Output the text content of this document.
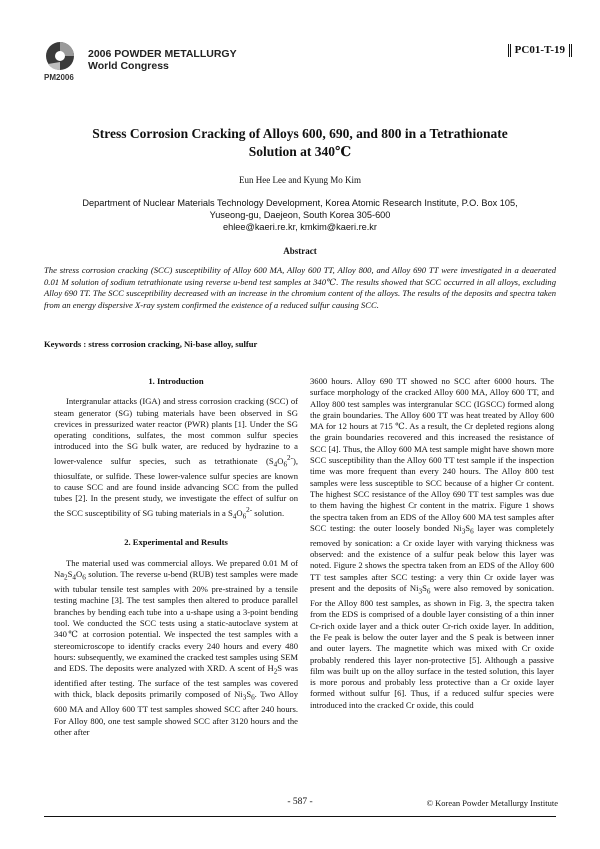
PM2006
2006 POWDER METALLURGY
World Congress
PC01-T-19
Stress Corrosion Cracking of Alloys 600, 690, and 800 in a Tetrathionate
Solution at 340℃
Eun Hee Lee and Kyung Mo Kim
Department of Nuclear Materials Technology Development, Korea Atomic Research Institute, P.O. Box 105,
Yuseong-gu, Daejeon, South Korea 305-600
ehlee@kaeri.re.kr, kmkim@kaeri.re.kr
Abstract
The stress corrosion cracking (SCC) susceptibility of Alloy 600 MA, Alloy 600 TT, Alloy 800, and Alloy 690 TT were investigated in a deaerated 0.01 M solution of sodium tetrathionate using reverse u-bend test samples at 340℃. The results showed that SCC occurred in all alloys, excluding Alloy 690 TT. The SCC susceptibility decreased with an increase in the chromium content of the alloys. The results of the deposits and spectra taken from an energy dispersive X-ray system confirmed the existence of a reduced sulfur causing SCC.
Keywords : stress corrosion cracking, Ni-base alloy, sulfur
1. Introduction

Intergranular attacks (IGA) and stress corrosion cracking (SCC) of steam generator (SG) tubing materials have been observed in SG crevices in pressurized water reactor (PWR) plants [1]. Under the SG operating conditions, sulfates, the most common sulfur species introduced into the SG bulk water, are reduced by hydrazine to a lower-valence sulfur species, such as tetrathionate $(S_4O_6^{2-})$, thiosulfate, or sulfide. These lower-valence sulfur species are known to cause SCC and are found inside advancing SCC from the pulled tubes [2]. In the present study, we investigate the effect of sulfur on the SCC susceptibility of SG tubing materials in a $S_4O_6^{2-}$ solution.

2. Experimental and Results

The material used was commercial alloys. We prepared 0.01 M of $Na_2S_4O_6$ solution. The reverse u-bend (RUB) test samples were made with tubular tensile test samples with 20% pre-strained by a tensile testing machine [3]. The test samples then altered to produce parallel branches by bending each tube into a u-shape using a 3-point bending tool. We conducted the SCC tests using a static-autoclave system at 340℃ at corrosion potential. We inspected the test samples with a stereomicroscope to identify cracks every 240 hours and every 480 hours: subsequently, we examined the cracked test samples using SEM and EDS. The deposits were analyzed with XRD. A scent of $H_2S$ was identified after testing. The surface of the test samples was covered with thick, black deposits primarily composed of $Ni_3S_6$. Two Alloy 600 MA and Alloy 600 TT test samples showed SCC after 240 hours. For Alloy 800, one test sample showed SCC after 3120 hours and the other after

3600 hours. Alloy 690 TT showed no SCC after 6000 hours. The surface morphology of the cracked Alloy 600 MA, Alloy 600 TT, and Alloy 800 test samples was intergranular SCC (IGSCC) formed along the grain boundaries. The Alloy 600 TT was heat treated by Alloy 600 MA for 12 hours at 715 ℃. As a result, the Cr depleted regions along the grain boundaries recovered and this increased the resistance of SCC [4]. Thus, the Alloy 600 MA test sample might have shown more SCC susceptibility than the Alloy 600 TT test sample if the inspection time was more frequent than every 240 hours. The Alloy 800 test samples were less susceptible to SCC because of a higher Cr content. The highest SCC resistance of the Alloy 690 TT test samples was due to them having the highest Cr content in the matrix. Figure 1 shows the spectra taken from an EDS of the Alloy 600 MA test samples after SCC testing: the outer loosely bonded $Ni_3S_6$ layer was completely removed by sonication: a Cr oxide layer with varying thickness was observed: and the existence of a sulfur peak below this layer was noted. Figure 2 shows the spectra taken from an EDS of the Alloy 600 TT test samples after SCC testing: a very thin Cr oxide layer was present and the deposits of $Ni_3S_6$ were also removed by sonication. For the Alloy 800 test samples, as shown in Fig. 3, the spectra taken from the EDS is comprised of a double layer consisting of a thin inner Cr-rich oxide layer and a thick outer Cr-rich oxide layer. In addition, the Fe peak is below the outer layer and the S peak is between inner and outer layers. The magnetite which was mixed with Cr oxide probably rendered this layer non-protective [5]. Although a passive film was built up on the alloy surface in the tested solution, this layer is more porous and probably less protective than a Cr oxide layer formed without sulfur [6]. Thus, if a reduced sulfur species were introduced into the cracked Cr oxide, this could

- 587 -	© Korean Powder Metallurgy Institute
